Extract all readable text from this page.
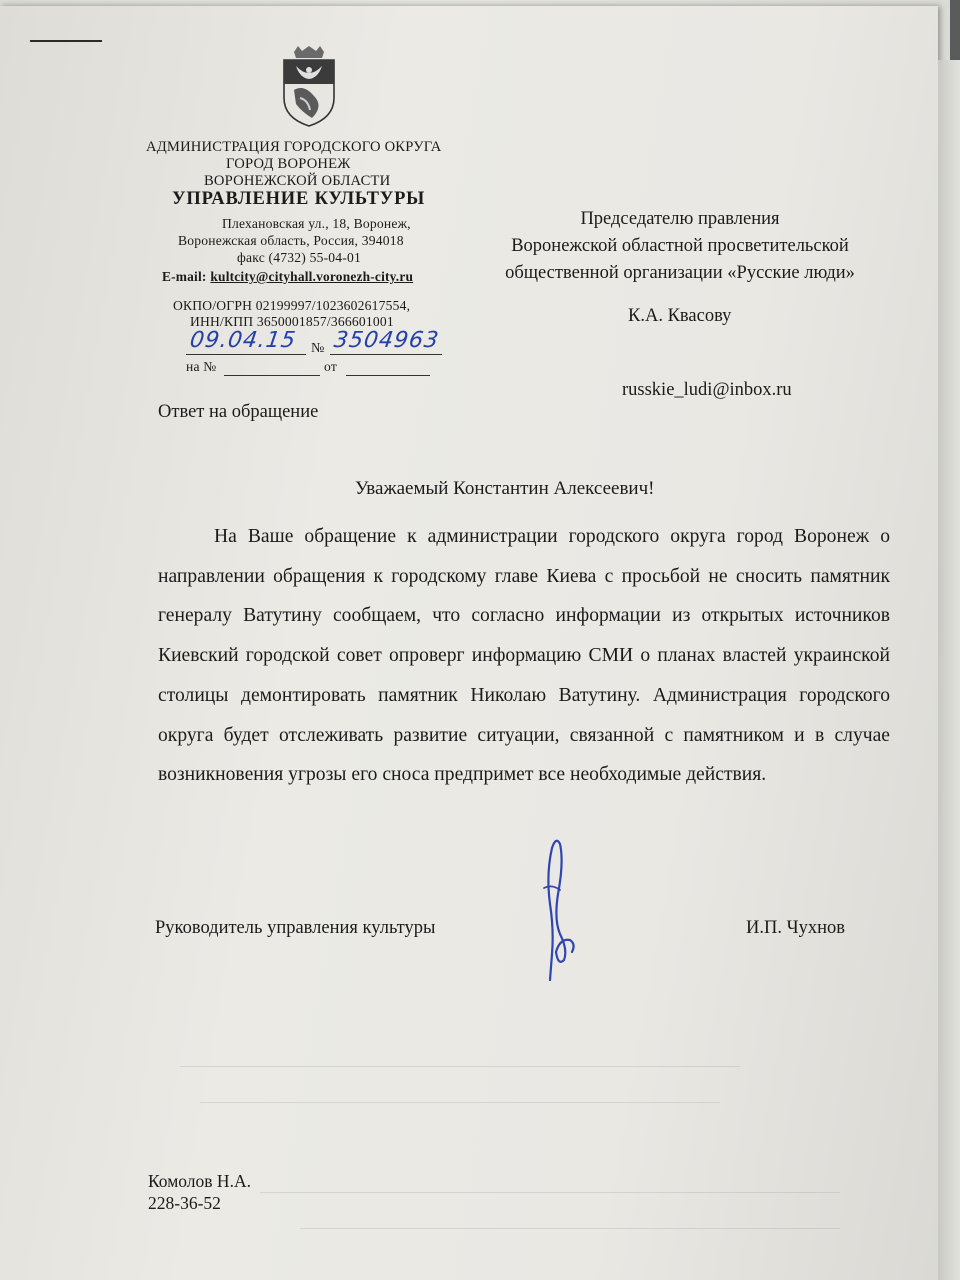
АДМИНИСТРАЦИЯ ГОРОДСКОГО ОКРУГА
ГОРОД ВОРОНЕЖ
ВОРОНЕЖСКОЙ ОБЛАСТИ
УПРАВЛЕНИЕ КУЛЬТУРЫ
Плехановская ул., 18, Воронеж,
Воронежская область, Россия, 394018
факс (4732) 55-04-01
E-mail: kultcity@cityhall.voronezh-city.ru
ОКПО/ОГРН 02199997/1023602617554,
ИНН/КПП 3650001857/366601001
09.04.15 № 3504963
на №	от
Председателю правления
Воронежской областной просветительской
общественной организации «Русские люди»
К.А. Квасову
russkie_ludi@inbox.ru
Ответ на обращение
Уважаемый Константин Алексеевич!
На Ваше обращение к администрации городского округа город Воронеж о направлении обращения к городскому главе Киева с просьбой не сносить памятник генералу Ватутину сообщаем, что согласно информации из открытых источников Киевский городской совет опроверг информацию СМИ о планах властей украинской столицы демонтировать памятник Николаю Ватутину. Администрация городского округа будет отслеживать развитие ситуации, связанной с памятником и в случае возникновения угрозы его сноса предпримет все необходимые действия.
Руководитель управления культуры	И.П. Чухнов
Комолов Н.А.
228-36-52
